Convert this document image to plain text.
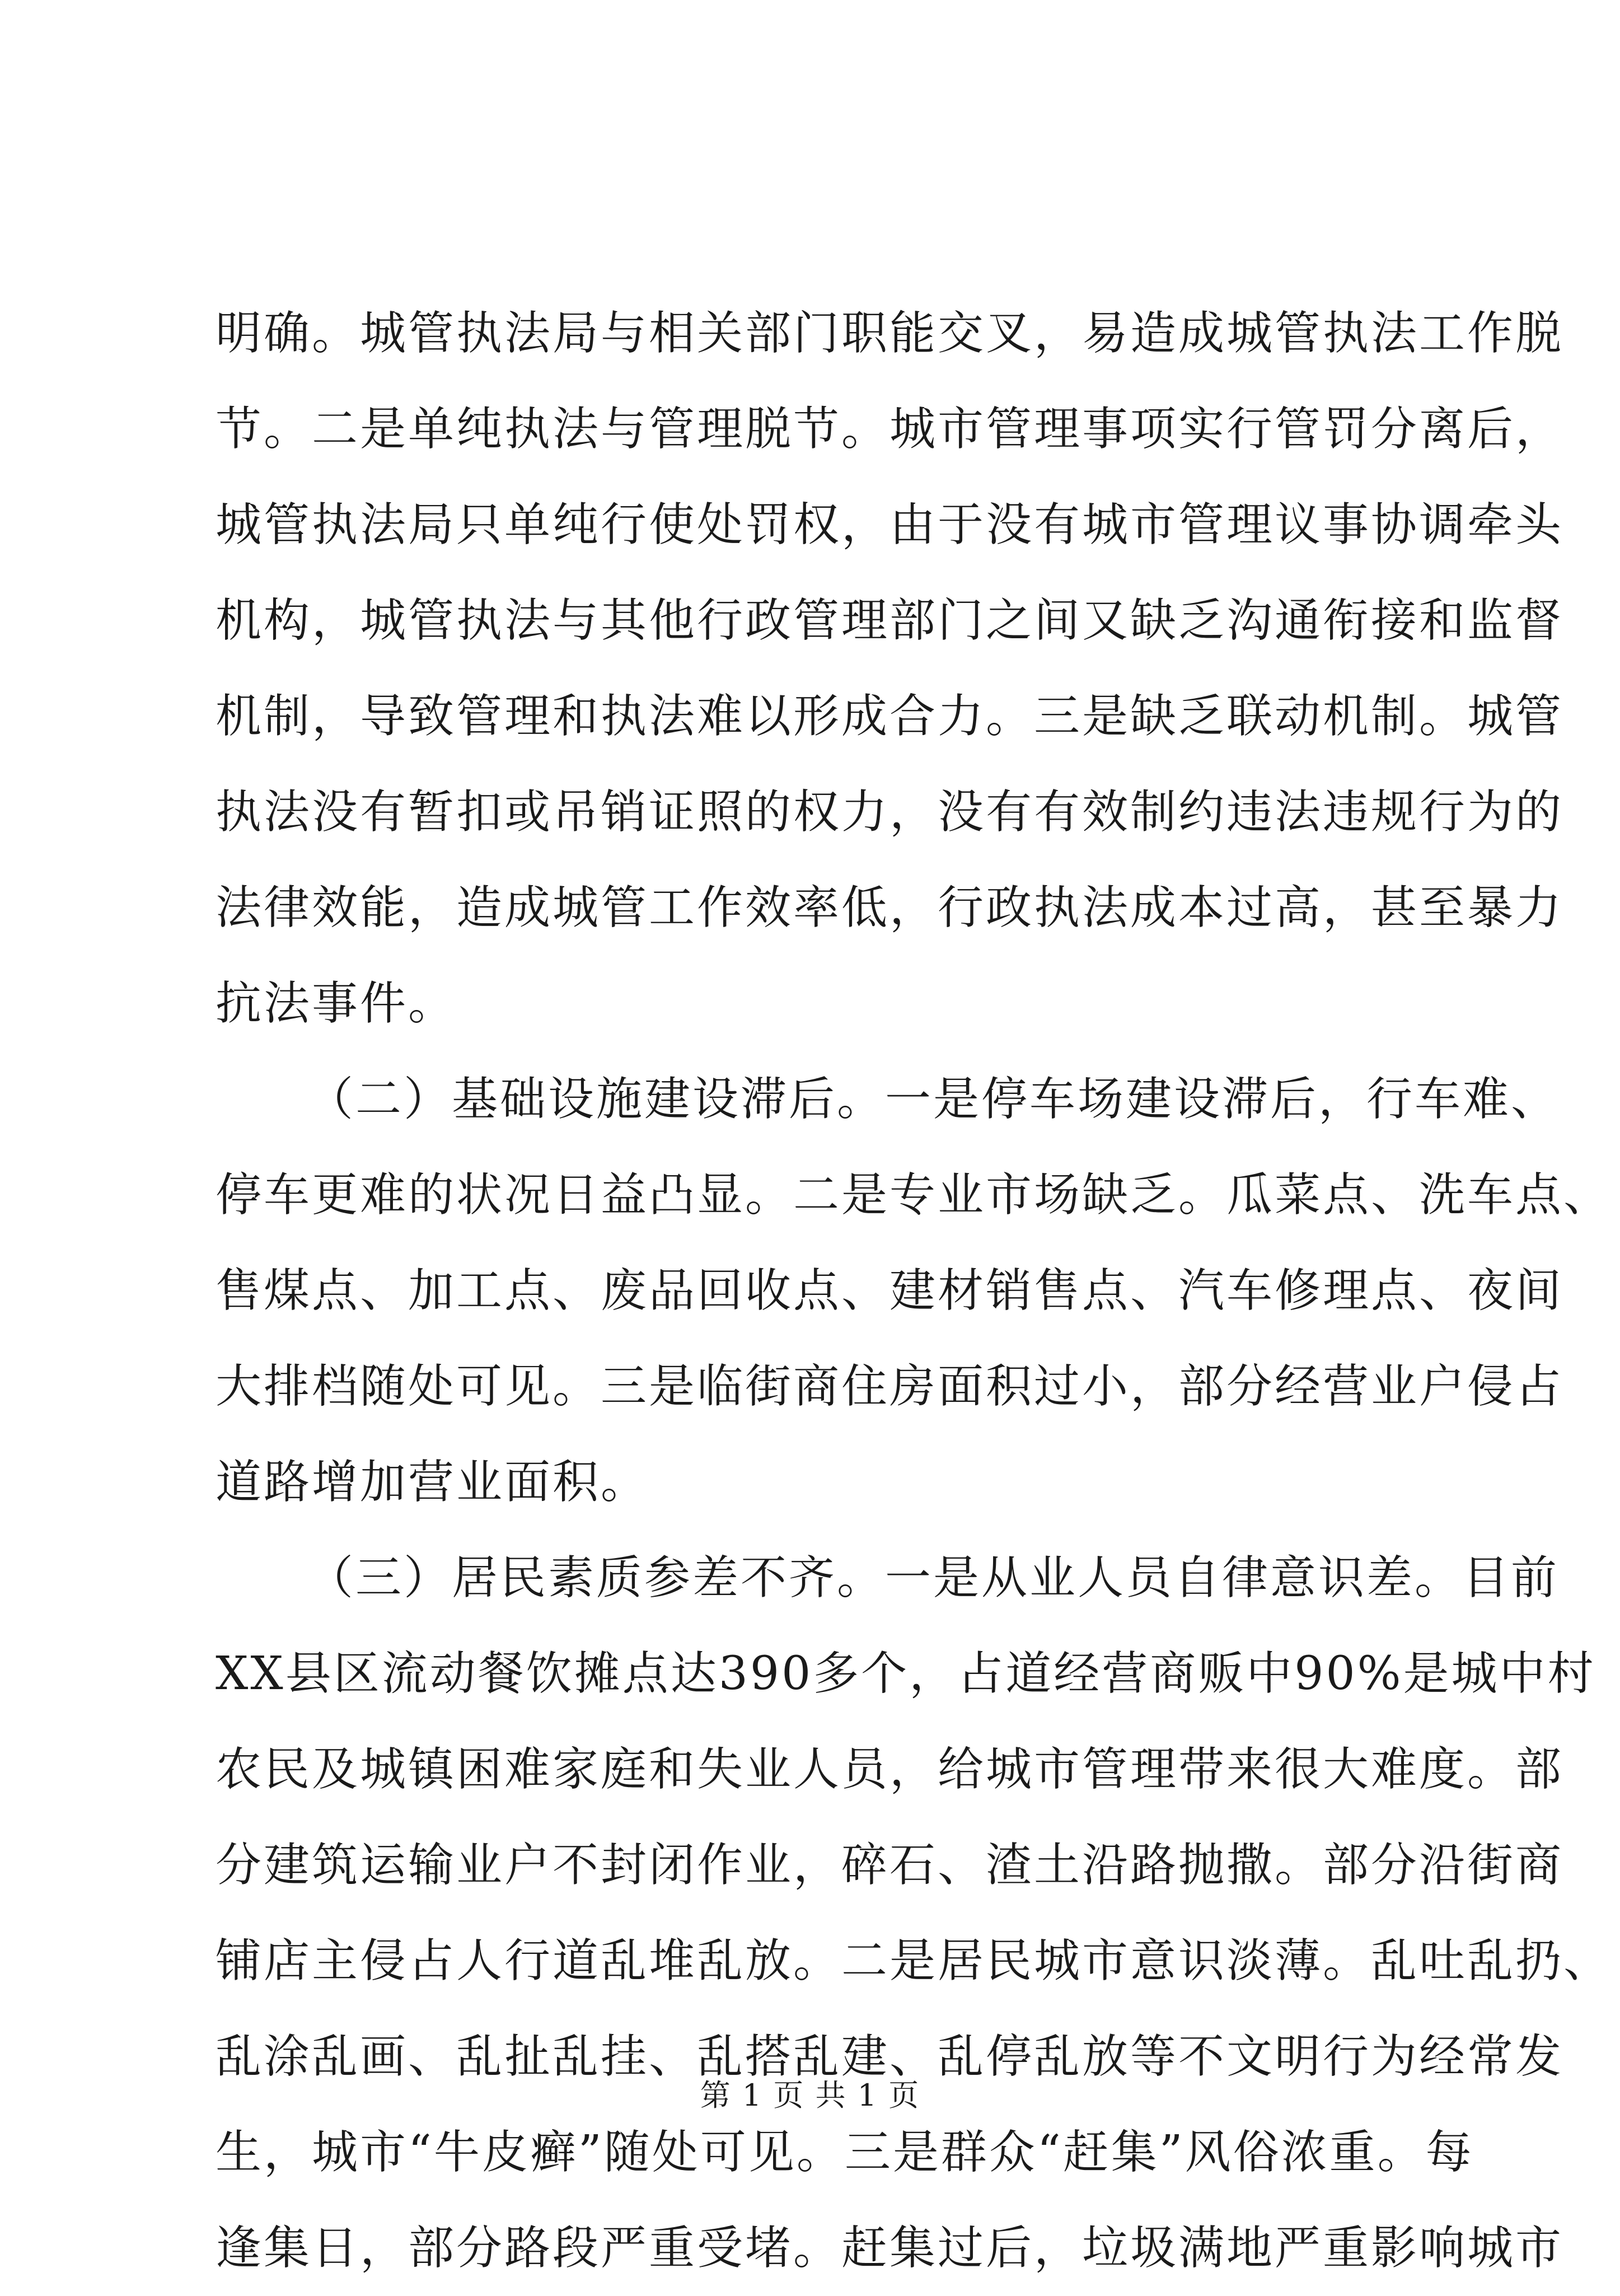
明确。城管执法局与相关部门职能交叉，易造成城管执法工作脱
节。二是单纯执法与管理脱节。城市管理事项实行管罚分离后，
城管执法局只单纯行使处罚权，由于没有城市管理议事协调牵头
机构，城管执法与其他行政管理部门之间又缺乏沟通衔接和监督
机制，导致管理和执法难以形成合力。三是缺乏联动机制。城管
执法没有暂扣或吊销证照的权力，没有有效制约违法违规行为的
法律效能，造成城管工作效率低，行政执法成本过高，甚至暴力
抗法事件。
（二）基础设施建设滞后。一是停车场建设滞后，行车难、
停车更难的状况日益凸显。二是专业市场缺乏。瓜菜点、洗车点、
售煤点、加工点、废品回收点、建材销售点、汽车修理点、夜间
大排档随处可见。三是临街商住房面积过小，部分经营业户侵占
道路增加营业面积。
（三）居民素质参差不齐。一是从业人员自律意识差。目前
XX县区流动餐饮摊点达390多个，占道经营商贩中90%是城中村
农民及城镇困难家庭和失业人员，给城市管理带来很大难度。部
分建筑运输业户不封闭作业，碎石、渣土沿路抛撒。部分沿街商
铺店主侵占人行道乱堆乱放。二是居民城市意识淡薄。乱吐乱扔、
乱涂乱画、乱扯乱挂、乱搭乱建、乱停乱放等不文明行为经常发
生，城市“牛皮癣”随处可见。三是群众“赶集”风俗浓重。每
逢集日，部分路段严重受堵。赶集过后，垃圾满地严重影响城市
第 1 页 共 1 页
